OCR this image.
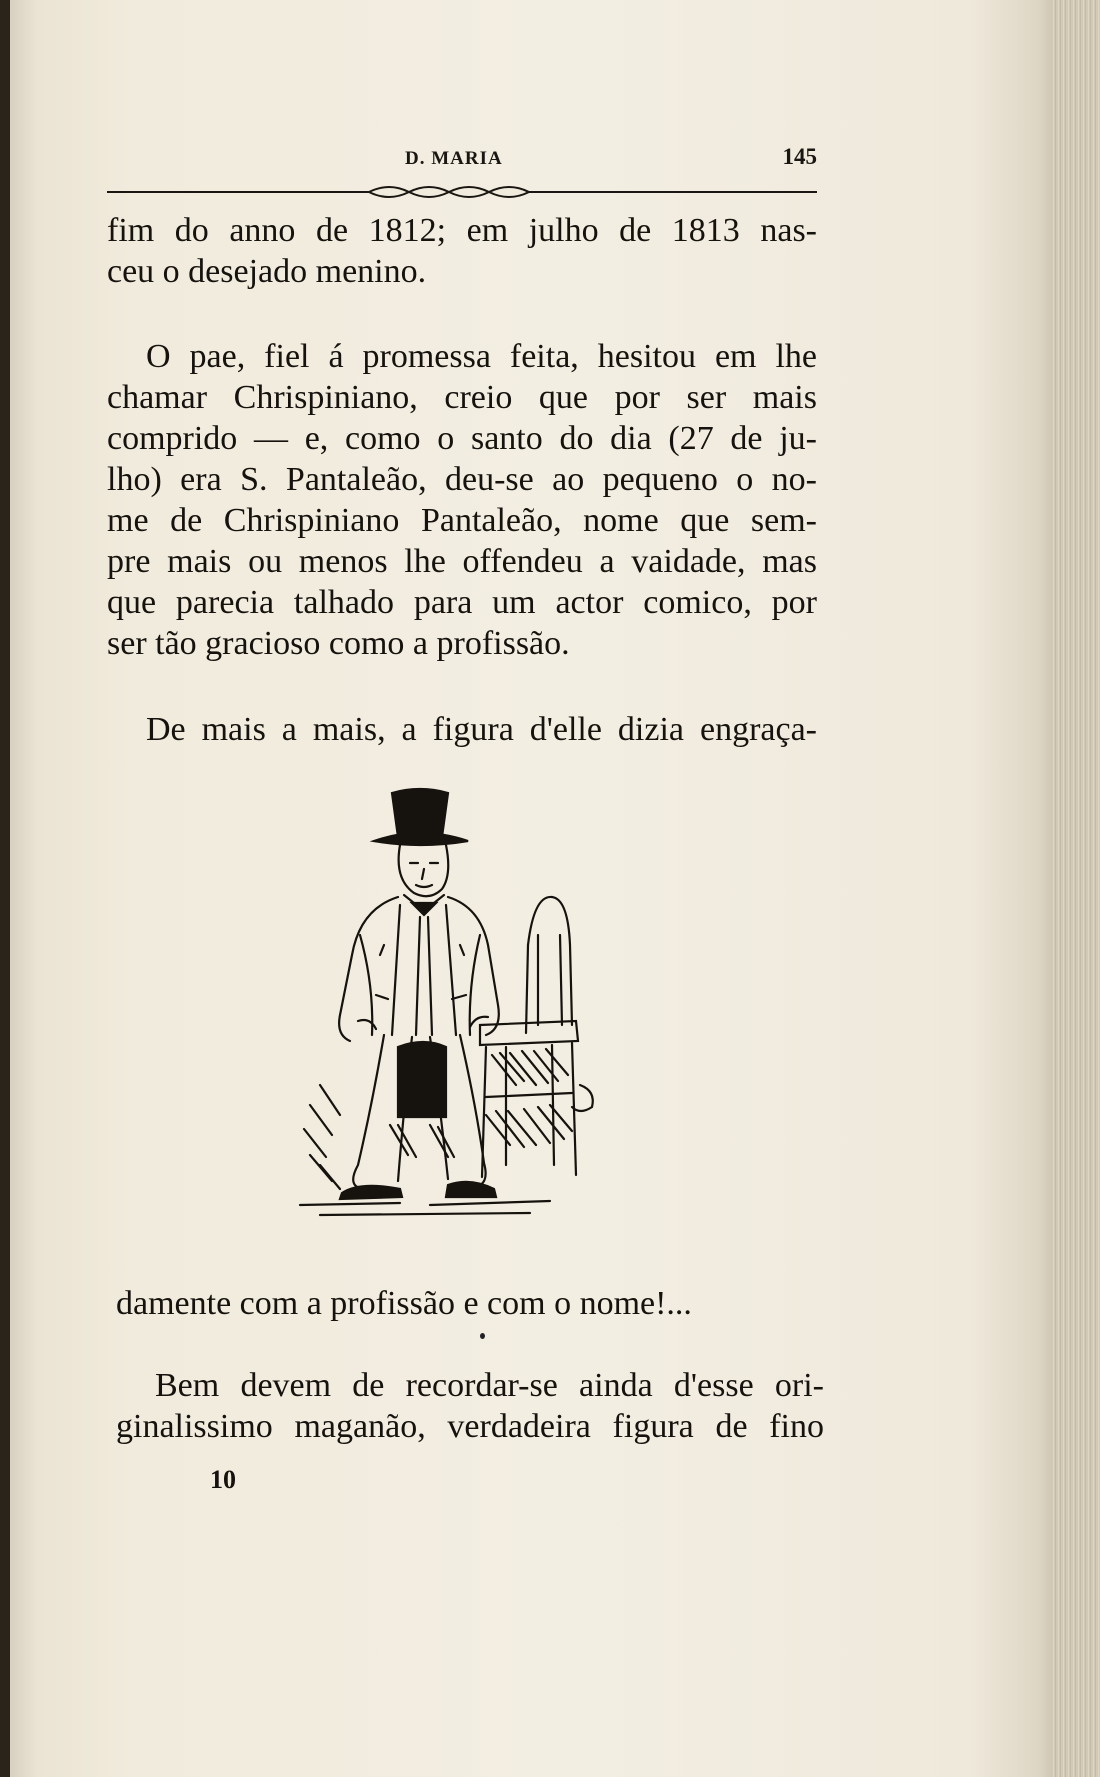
D. MARIA	145

fim do anno de 1812; em julho de 1813 nas-
ceu o desejado menino.

O pae, fiel á promessa feita, hesitou em lhe
chamar Chrispiniano, creio que por ser mais
comprido — e, como o santo do dia (27 de ju-
lho) era S. Pantaleão, deu-se ao pequeno o no-
me de Chrispiniano Pantaleão, nome que sem-
pre mais ou menos lhe offendeu a vaidade, mas
que parecia talhado para um actor comico, por
ser tão gracioso como a profissão.

De mais a mais, a figura d'elle dizia engraça-

damente com a profissão e com o nome!...

Bem devem de recordar-se ainda d'esse ori-
ginalissimo maganão, verdadeira figura de fino

10
